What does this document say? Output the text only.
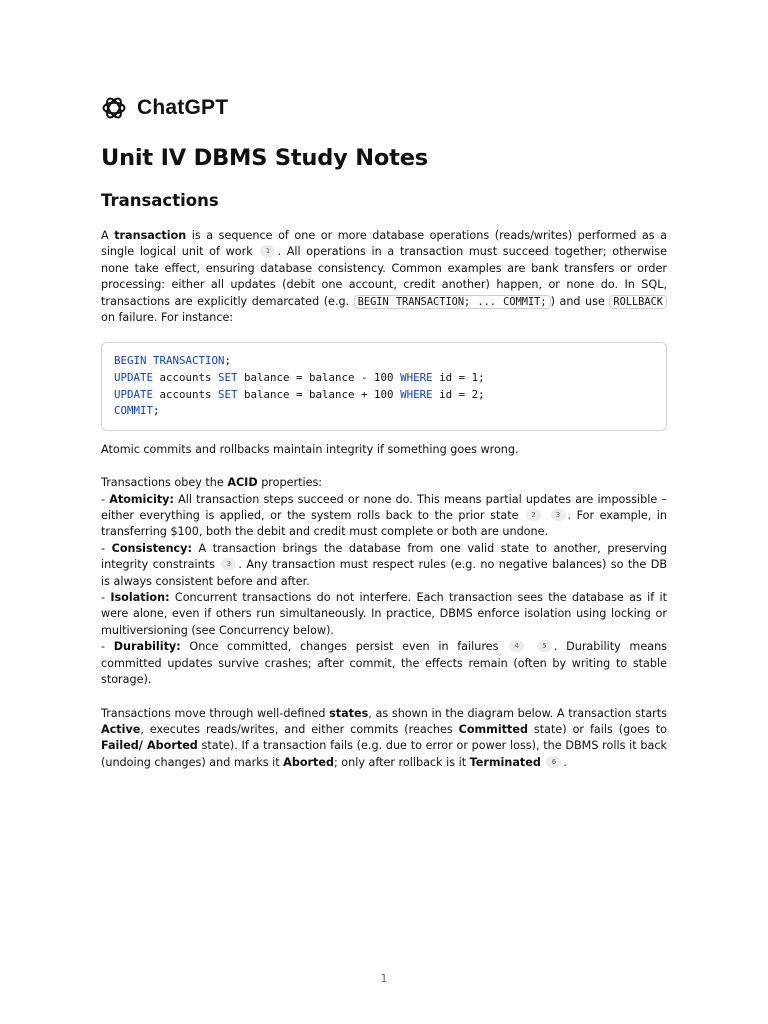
ChatGPT
Unit IV DBMS Study Notes
Transactions

A transaction is a sequence of one or more database operations (reads/writes) performed as a single logical unit of work 1 . All operations in a transaction must succeed together; otherwise none take effect, ensuring database consistency. Common examples are bank transfers or order processing: either all updates (debit one account, credit another) happen, or none do. In SQL, transactions are explicitly demarcated (e.g. BEGIN TRANSACTION; ... COMMIT; ) and use ROLLBACK on failure. For instance:

BEGIN TRANSACTION;
UPDATE accounts SET balance = balance - 100 WHERE id = 1;
UPDATE accounts SET balance = balance + 100 WHERE id = 2;
COMMIT;

Atomic commits and rollbacks maintain integrity if something goes wrong.

Transactions obey the ACID properties:
- Atomicity: All transaction steps succeed or none do. This means partial updates are impossible – either everything is applied, or the system rolls back to the prior state 2	3 . For example, in transferring $100, both the debit and credit must complete or both are undone.
- Consistency: A transaction brings the database from one valid state to another, preserving integrity constraints 3 . Any transaction must respect rules (e.g. no negative balances) so the DB is always consistent before and after.
- Isolation: Concurrent transactions do not interfere. Each transaction sees the database as if it were alone, even if others run simultaneously. In practice, DBMS enforce isolation using locking or multiversioning (see Concurrency below).
- Durability: Once committed, changes persist even in failures 4	5 . Durability means committed updates survive crashes; after commit, the effects remain (often by writing to stable storage).

Transactions move through well-defined states, as shown in the diagram below. A transaction starts Active, executes reads/writes, and either commits (reaches Committed state) or fails (goes to Failed/ Aborted state). If a transaction fails (e.g. due to error or power loss), the DBMS rolls it back (undoing changes) and marks it Aborted; only after rollback is it Terminated 6 .

1
